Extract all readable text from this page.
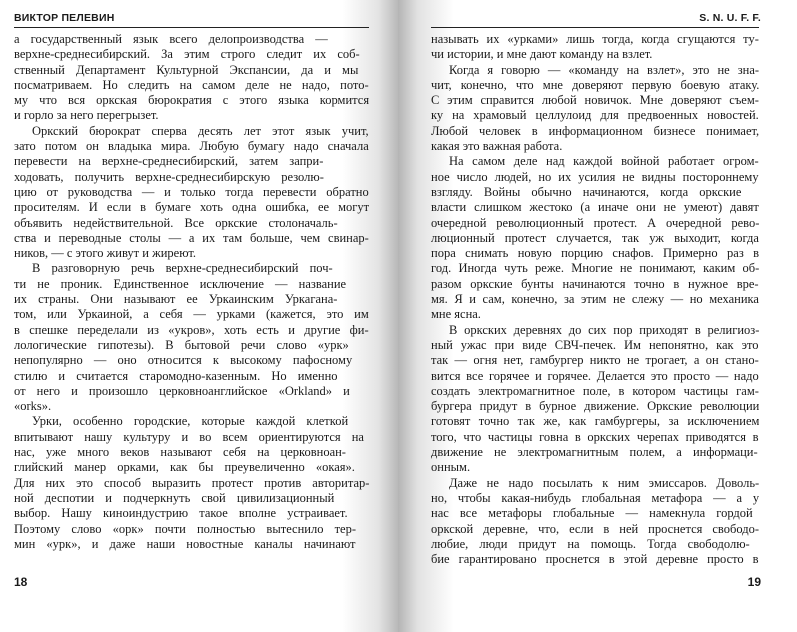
ВИКТОР ПЕЛЕВИН
а государственный язык всего делопроизводства —
верхне-среднесибирский. За этим строго следит их соб-
ственный Департамент Культурной Экспансии, да и мы
посматриваем. Но следить на самом деле не надо, пото-
му что вся оркская бюрократия с этого языка кормится
и горло за него перегрызет.
Оркский бюрократ сперва десять лет этот язык учит,
зато потом он владыка мира. Любую бумагу надо сначала
перевести на верхне-среднесибирский, затем запри-
ходовать, получить верхне-среднесибирскую резолю-
цию от руководства — и только тогда перевести обратно
просителям. И если в бумаге хоть одна ошибка, ее могут
объявить недействительной. Все оркские столоначаль-
ства и переводные столы — а их там больше, чем свинар-
ников, — с этого живут и жиреют.
В разговорную речь верхне-среднесибирский поч-
ти не проник. Единственное исключение — название
их страны. Они называют ее Уркаинским Уркагана-
том, или Уркаиной, а себя — урками (кажется, это им
в спешке переделали из «укров», хоть есть и другие фи-
лологические гипотезы). В бытовой речи слово «урк»
непопулярно — оно относится к высокому пафосному
стилю и считается старомодно-казенным. Но именно
от него и произошло церковноанглийское «Orkland» и
«orks».
Урки, особенно городские, которые каждой клеткой
впитывают нашу культуру и во всем ориентируются на
нас, уже много веков называют себя на церковноан-
глийский манер орками, как бы преувеличенно «окая».
Для них это способ выразить протест против авторитар-
ной деспотии и подчеркнуть свой цивилизационный
выбор. Нашу киноиндустрию такое вполне устраивает.
Поэтому слово «орк» почти полностью вытеснило тер-
мин «урк», и даже наши новостные каналы начинают
18
S. N. U. F. F.
называть их «урками» лишь тогда, когда сгущаются ту-
чи истории, и мне дают команду на взлет.
Когда я говорю — «команду на взлет», это не зна-
чит, конечно, что мне доверяют первую боевую атаку.
С этим справится любой новичок. Мне доверяют съем-
ку на храмовый целлулоид для предвоенных новостей.
Любой человек в информационном бизнесе понимает,
какая это важная работа.
На самом деле над каждой войной работает огром-
ное число людей, но их усилия не видны постороннему
взгляду. Войны обычно начинаются, когда оркские
власти слишком жестоко (а иначе они не умеют) давят
очередной революционный протест. А очередной рево-
люционный протест случается, так уж выходит, когда
пора снимать новую порцию снафов. Примерно раз в
год. Иногда чуть реже. Многие не понимают, каким об-
разом оркские бунты начинаются точно в нужное вре-
мя. Я и сам, конечно, за этим не слежу — но механика
мне ясна.
В оркских деревнях до сих пор приходят в религиоз-
ный ужас при виде СВЧ-печек. Им непонятно, как это
так — огня нет, гамбургер никто не трогает, а он стано-
вится все горячее и горячее. Делается это просто — надо
создать электромагнитное поле, в котором частицы гам-
бургера придут в бурное движение. Оркские революции
готовят точно так же, как гамбургеры, за исключением
того, что частицы говна в оркских черепах приводятся в
движение не электромагнитным полем, а информаци-
онным.
Даже не надо посылать к ним эмиссаров. Доволь-
но, чтобы какая-нибудь глобальная метафора — а у
нас все метафоры глобальные — намекнула гордой
оркской деревне, что, если в ней проснется свободо-
любие, люди придут на помощь. Тогда свободолю-
бие гарантировано проснется в этой деревне просто в
19
